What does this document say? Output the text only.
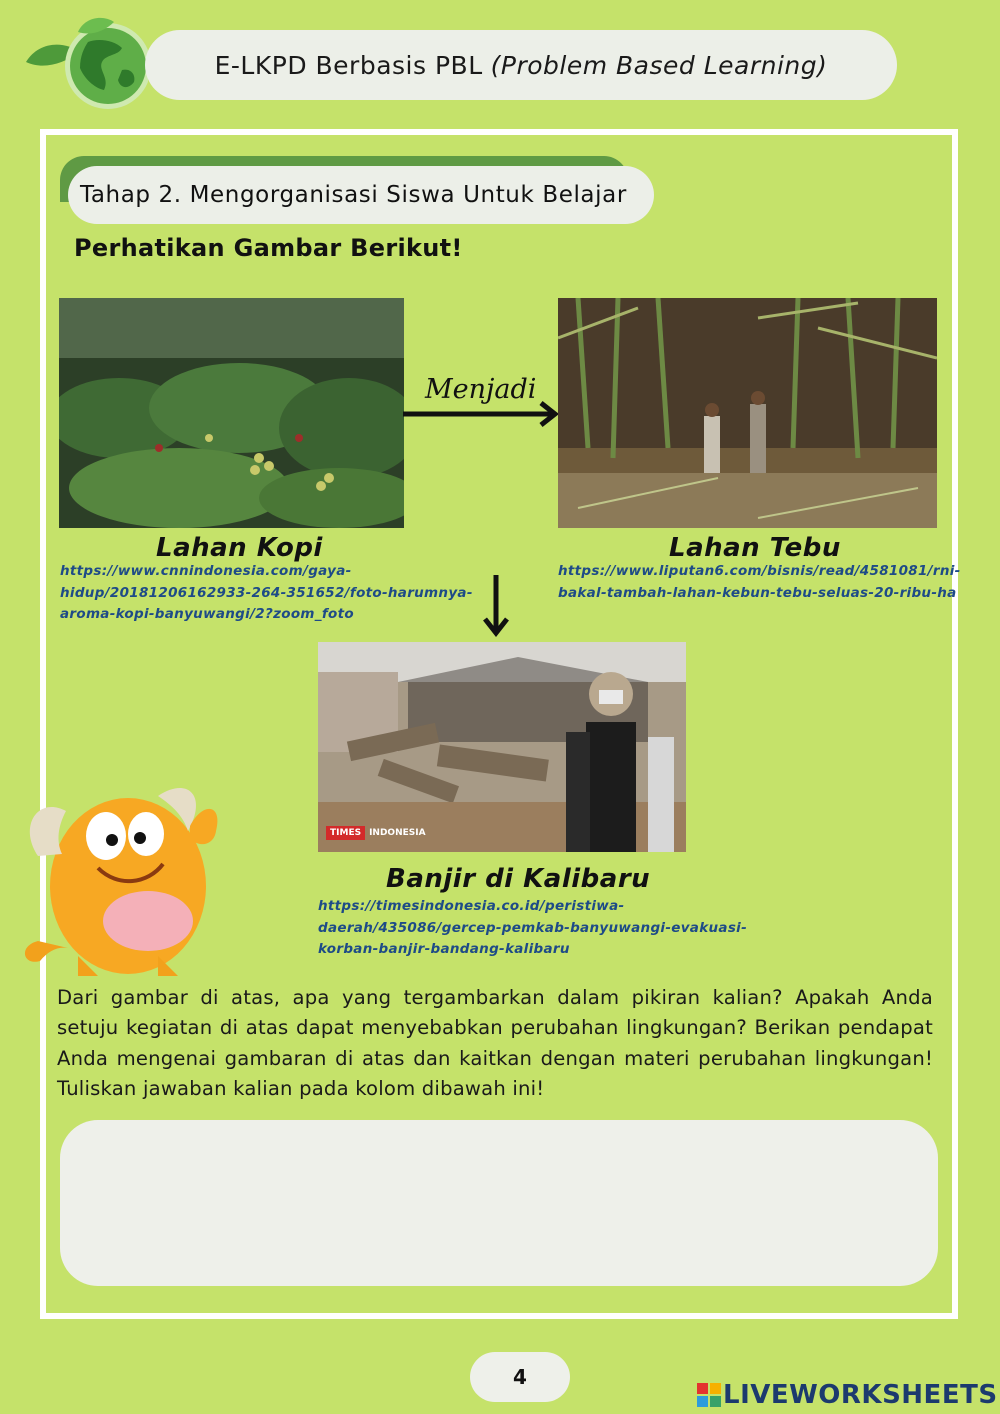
E-LKPD Berbasis PBL (Problem Based Learning)
Tahap 2. Mengorganisasi Siswa Untuk Belajar
Perhatikan Gambar Berikut!
Menjadi
Lahan Kopi
https://www.cnnindonesia.com/gaya-
hidup/20181206162933-264-351652/foto-harumnya-
aroma-kopi-banyuwangi/2?zoom_foto
Lahan Tebu
https://www.liputan6.com/bisnis/read/4581081/rni-
bakal-tambah-lahan-kebun-tebu-seluas-20-ribu-ha
TIMES INDONESIA
Banjir di Kalibaru
https://timesindonesia.co.id/peristiwa-
daerah/435086/gercep-pemkab-banyuwangi-evakuasi-
korban-banjir-bandang-kalibaru
Dari gambar di atas, apa yang tergambarkan dalam pikiran kalian? Apakah Anda setuju kegiatan di atas dapat menyebabkan perubahan lingkungan? Berikan pendapat Anda mengenai gambaran di atas dan kaitkan dengan materi perubahan lingkungan! Tuliskan jawaban kalian pada kolom dibawah ini!
4
LIVEWORKSHEETS
